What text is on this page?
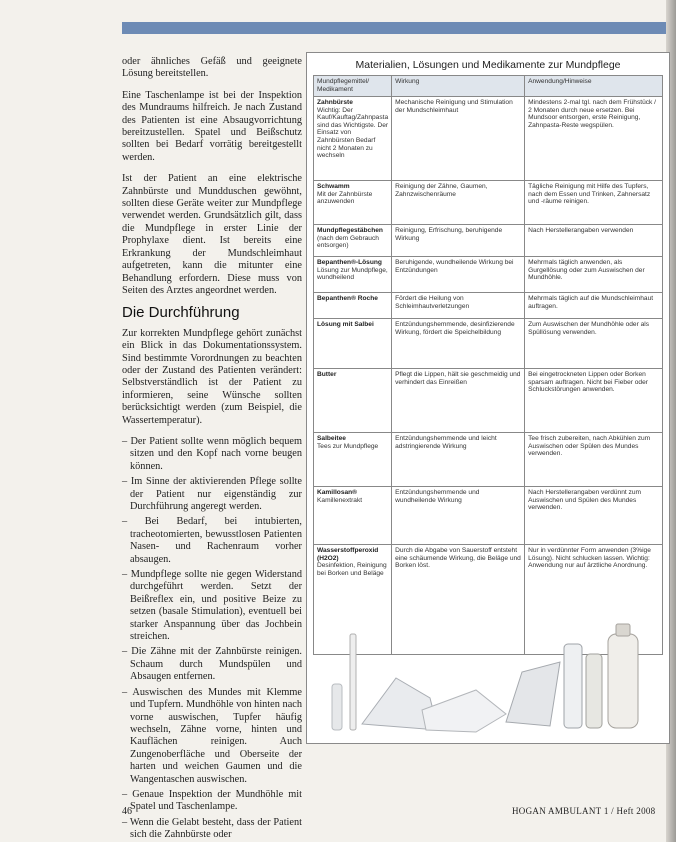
oder ähnliches Gefäß und geeignete Lösung bereitstellen.

Eine Taschenlampe ist bei der Inspektion des Mundraums hilfreich. Je nach Zustand des Patienten ist eine Absaugvorrichtung bereitzustellen. Spatel und Beißschutz sollten bei Bedarf vorrätig bereitgestellt werden.

Ist der Patient an eine elektrische Zahnbürste und Mundduschen gewöhnt, sollten diese Geräte weiter zur Mundpflege verwendet werden. Grundsätzlich gilt, dass die Mundpflege in erster Linie der Prophylaxe dient. Ist bereits eine Erkrankung der Mundschleimhaut aufgetreten, kann die mitunter eine Behandlung erfordern. Diese muss von Seiten des Arztes angeordnet werden.

Die Durchführung

Zur korrekten Mundpflege gehört zunächst ein Blick in das Dokumentationssystem. Sind bestimmte Vorordnungen zu beachten oder der Zustand des Patienten verändert: Selbstverständlich ist der Patient zu informieren, seine Wünsche sollten berücksichtigt werden (zum Beispiel, die Wassertemperatur).

– Der Patient sollte wenn möglich bequem sitzen und den Kopf nach vorne beugen können.
– Im Sinne der aktivierenden Pflege sollte der Patient nur eigenständig zur Durchführung angeregt werden.
– Bei Bedarf, bei intubierten, tracheotomierten, bewusstlosen Patienten Nasen- und Rachenraum vorher absaugen.
– Mundpflege sollte nie gegen Widerstand durchgeführt werden. Setzt der Beißreflex ein, und positive Beize zu setzen (basale Stimulation), eventuell bei starker Anspannung über das Jochbein streichen.
– Die Zähne mit der Zahnbürste reinigen. Schaum durch Mundspülen und Absaugen entfernen.
– Auswischen des Mundes mit Klemme und Tupfern. Mundhöhle von hinten nach vorne auswischen, Tupfer häufig wechseln, Zähne vorne, hinten und Kauflächen reinigen. Auch Zungenoberfläche und Oberseite der harten und weichen Gaumen und die Wangentaschen auswischen.
– Genaue Inspektion der Mundhöhle mit Spatel und Taschenlampe.
– Wenn die Gelabt besteht, dass der Patient sich die Zahnbürste oder
Materialien, Lösungen und Medikamente zur Mundpflege
Mundpflegemittel/ Medikament	Wirkung	Anwendung/Hinweise

Zahnbürste
Wichtig: Der Kauf/Kauftag/Zahnpasta sind das Wichtigste. Der Einsatz von Zahnbürsten Bedarf nicht 2 Monaten zu wechseln	Mechanische Reinigung und Stimulation der Mundschleimhaut	Mindestens 2-mal tgl. nach dem Frühstück / 2 Monaten durch neue ersetzen. Bei Mundsoor entsorgen, erste Reinigung, Zahnpasta-Reste wegspülen.

Schwamm
Mit der Zahnbürste anzuwenden	Reinigung der Zähne, Gaumen, Zahnzwischenräume	Tägliche Reinigung mit Hilfe des Tupfers, nach dem Essen und Trinken, Zahnersatz und -räume reinigen.

Mundpflegestäbchen
(nach dem Gebrauch entsorgen)	Reinigung, Erfrischung, beruhigende Wirkung	Nach Herstellerangaben verwenden

Bepanthen®-Lösung
Lösung zur Mundpflege, wundheilend	Beruhigende, wundheilende Wirkung bei Entzündungen	Mehrmals täglich anwenden, als Gurgellösung oder zum Auswischen der Mundhöhle.

Bepanthen® Roche	Fördert die Heilung von Schleimhautverletzungen	Mehrmals täglich auf die Mundschleimhaut auftragen.

Lösung mit Salbei	Entzündungshemmende, desinfizierende Wirkung, fördert die Speichelbildung	Zum Auswischen der Mundhöhle oder als Spüllösung verwenden.

Butter	Pflegt die Lippen, hält sie geschmeidig und verhindert das Einreißen	Bei eingetrockneten Lippen oder Borken sparsam auftragen. Nicht bei Fieber oder Schluckstörungen anwenden.

Salbeitee
Tees zur Mundpflege	Entzündungshemmende und leicht adstringierende Wirkung	Tee frisch zubereiten, nach Abkühlen zum Auswischen oder Spülen des Mundes verwenden.

Kamillosan®
Kamillenextrakt	Entzündungshemmende und wundheilende Wirkung	Nach Herstellerangaben verdünnt zum Auswischen und Spülen des Mundes verwenden.

Wasserstoffperoxid (H2O2)
Desinfektion, Reinigung bei Borken und Beläge	Durch die Abgabe von Sauerstoff entsteht eine schäumende Wirkung, die Beläge und Borken löst.	Nur in verdünnter Form anwenden (3%ige Lösung). Nicht schlucken lassen. Wichtig: Anwendung nur auf ärztliche Anordnung.
46	HOGAN AMBULANT 1 / Heft 2008
